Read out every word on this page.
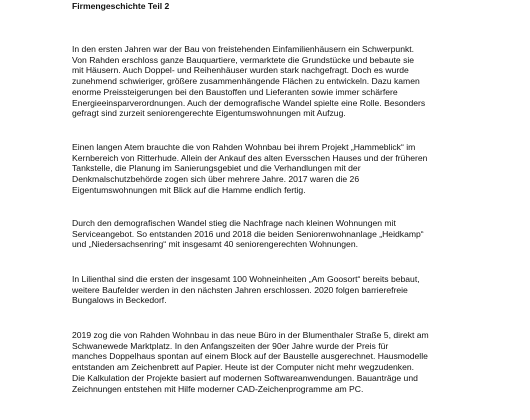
Firmengeschichte Teil 2
In den ersten Jahren war der Bau von freistehenden Einfamilienhäusern ein Schwerpunkt.
Von Rahden erschloss ganze Bauquartiere, vermarktete die Grundstücke und bebaute sie
mit Häusern. Auch Doppel- und Reihenhäuser wurden stark nachgefragt. Doch es wurde
zunehmend schwieriger, größere zusammenhängende Flächen zu entwickeln. Dazu kamen
enorme Preissteigerungen bei den Baustoffen und Lieferanten sowie immer schärfere
Energieeinsparverordnungen. Auch der demografische Wandel spielte eine Rolle. Besonders
gefragt sind zurzeit seniorengerechte Eigentumswohnungen mit Aufzug.
Einen langen Atem brauchte die von Rahden Wohnbau bei ihrem Projekt „Hammeblick“ im
Kernbereich von Ritterhude. Allein der Ankauf des alten Eversschen Hauses und der früheren
Tankstelle, die Planung im Sanierungsgebiet und die Verhandlungen mit der
Denkmalschutzbehörde zogen sich über mehrere Jahre. 2017 waren die 26
Eigentumswohnungen mit Blick auf die Hamme endlich fertig.
Durch den demografischen Wandel stieg die Nachfrage nach kleinen Wohnungen mit
Serviceangebot. So entstanden 2016 und 2018 die beiden Seniorenwohnanlage „Heidkamp“
und „Niedersachsenring“ mit insgesamt 40 seniorengerechten Wohnungen.
In Lilienthal sind die ersten der insgesamt 100 Wohneinheiten „Am Goosort“ bereits bebaut,
weitere Baufelder werden in den nächsten Jahren erschlossen. 2020 folgen barrierefreie
Bungalows in Beckedorf.
2019 zog die von Rahden Wohnbau in das neue Büro in der Blumenthaler Straße 5, direkt am
Schwanewede Marktplatz. In den Anfangszeiten der 90er Jahre wurde der Preis für
manches Doppelhaus spontan auf einem Block auf der Baustelle ausgerechnet. Hausmodelle
entstanden am Zeichenbrett auf Papier. Heute ist der Computer nicht mehr wegzudenken.
Die Kalkulation der Projekte basiert auf modernen Softwareanwendungen. Bauanträge und
Zeichnungen entstehen mit Hilfe moderner CAD-Zeichenprogramme am PC.
